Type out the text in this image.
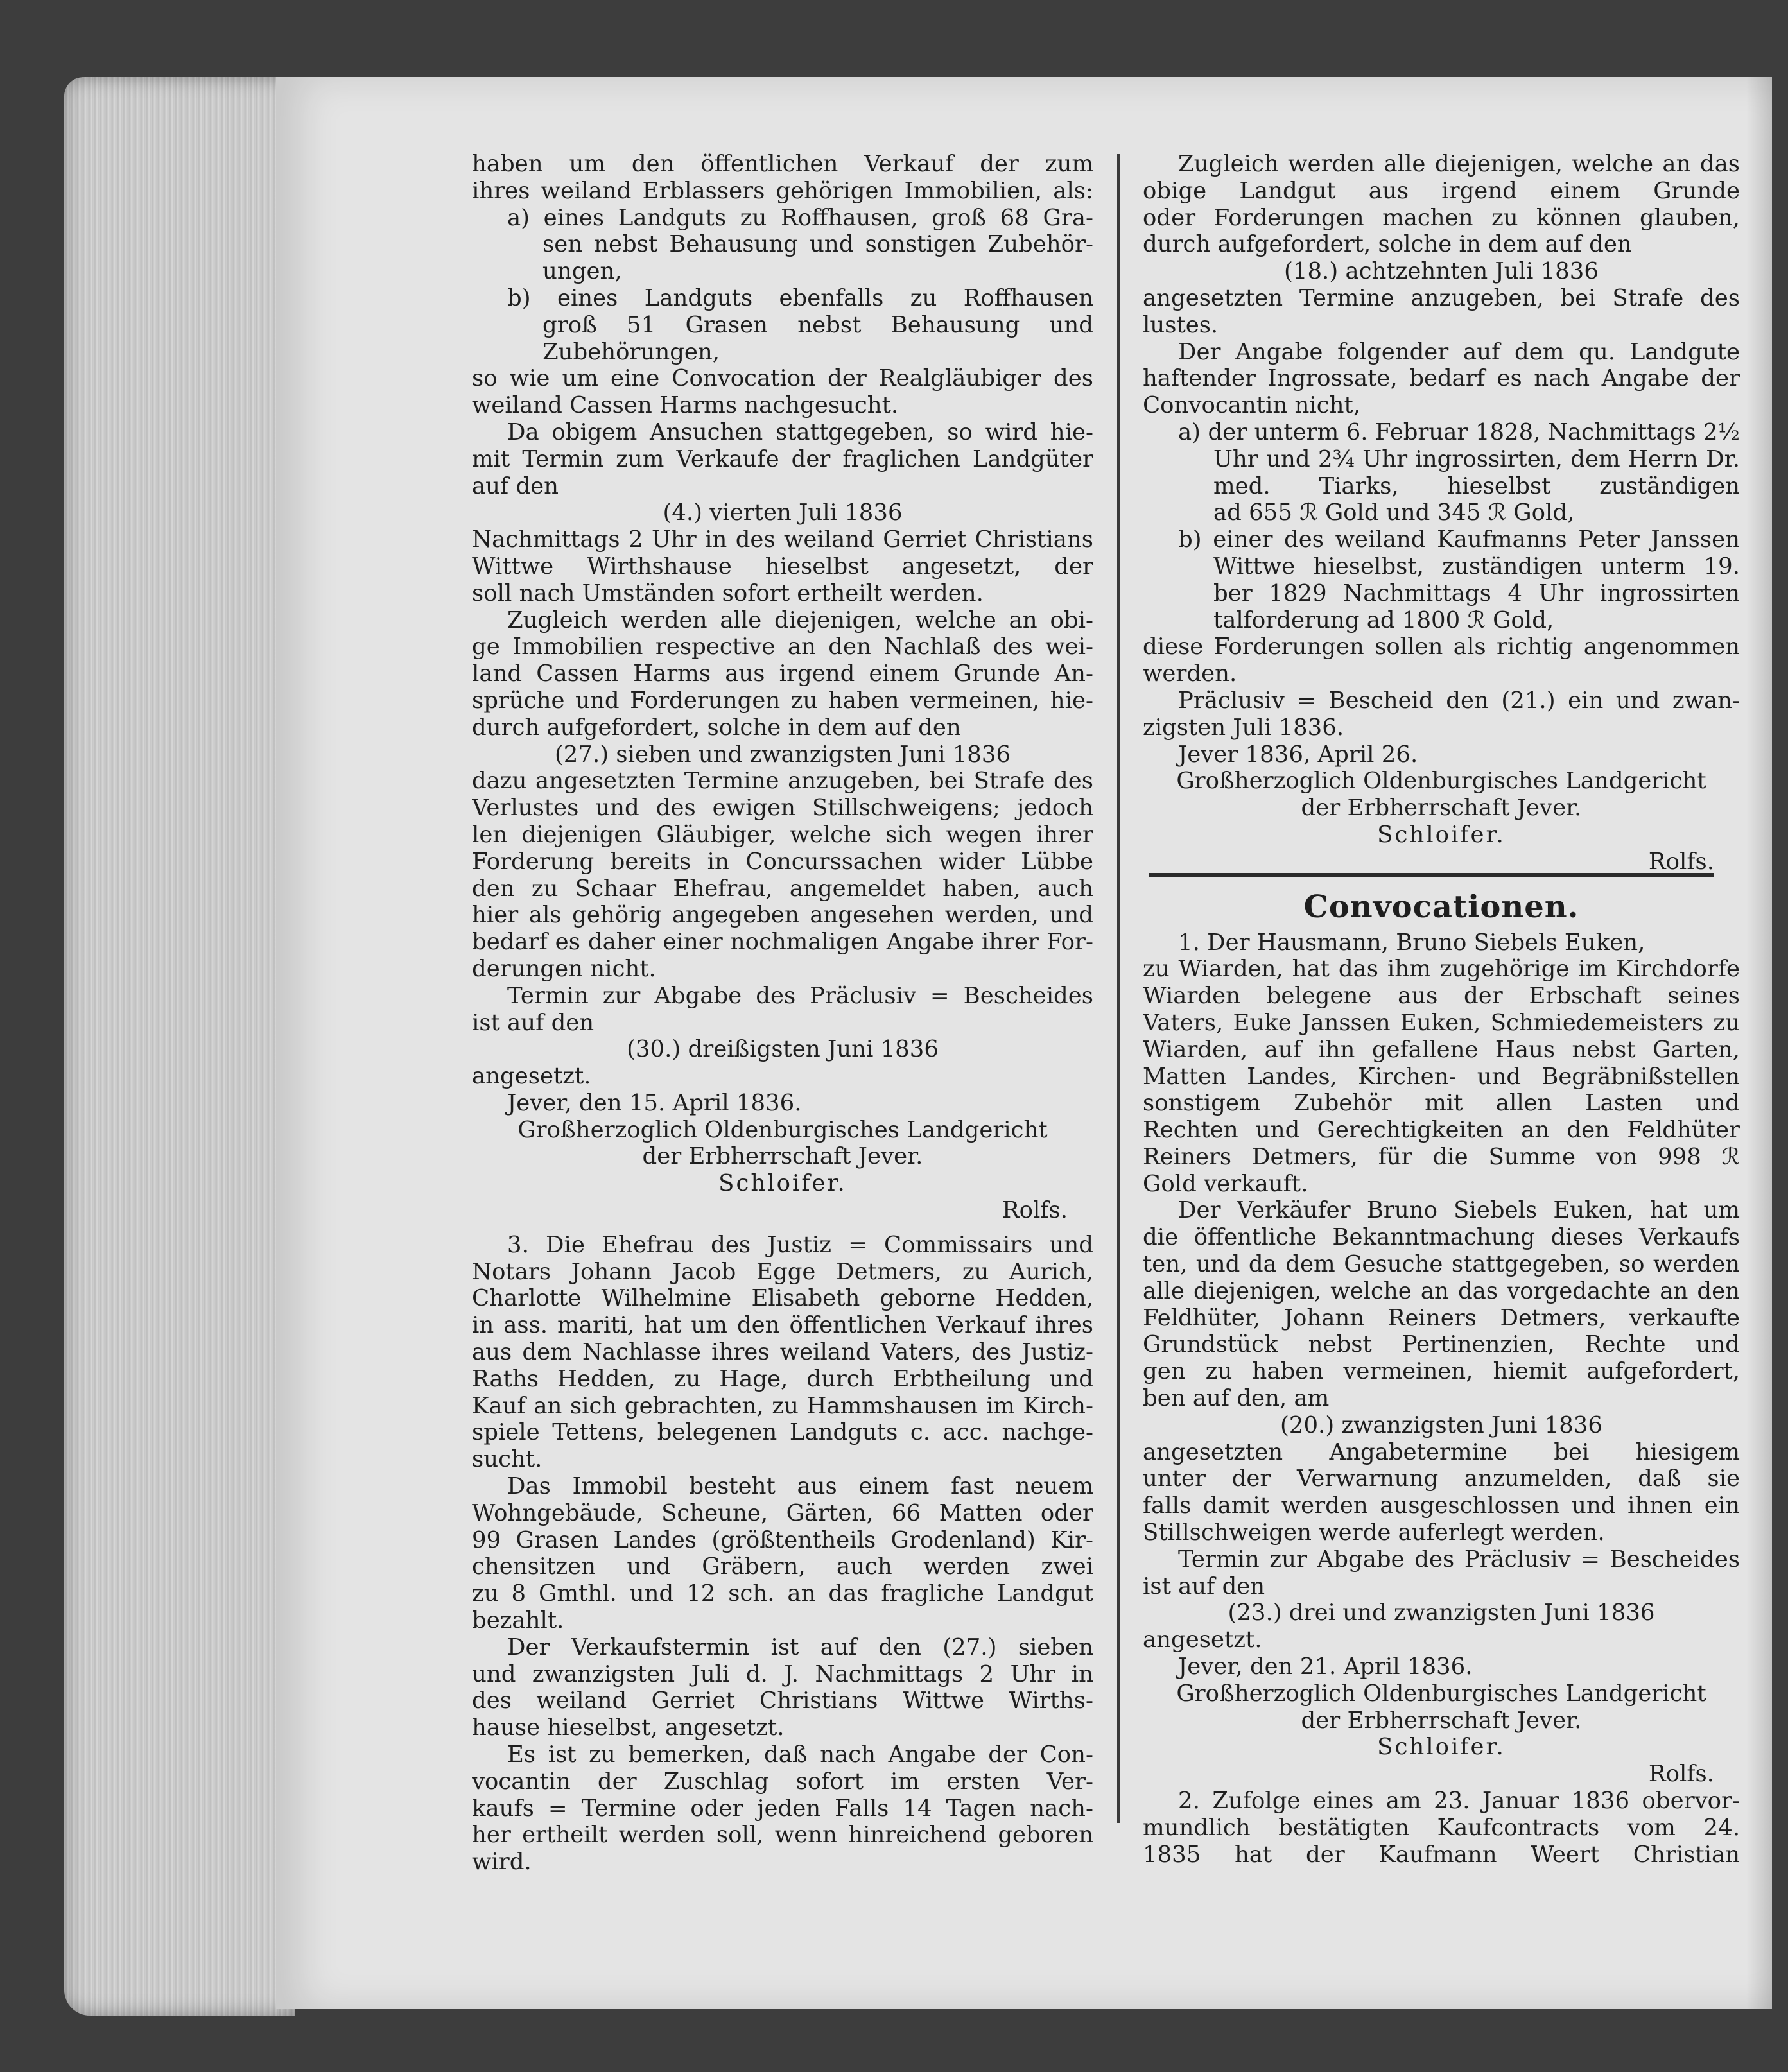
haben um den öffentlichen Verkauf der zum
ihres weiland Erblassers gehörigen Immobilien, als:
a) eines Landguts zu Roffhausen, groß 68 Gra-
sen nebst Behausung und sonstigen Zubehör-
ungen,
b) eines Landguts ebenfalls zu Roffhausen
groß 51 Grasen nebst Behausung und
Zubehörungen,
so wie um eine Convocation der Realgläubiger des
weiland Cassen Harms nachgesucht.
Da obigem Ansuchen stattgegeben, so wird hie-
mit Termin zum Verkaufe der fraglichen Landgüter
auf den
(4.) vierten Juli 1836
Nachmittags 2 Uhr in des weiland Gerriet Christians
Wittwe Wirthshause hieselbst angesetzt, der
soll nach Umständen sofort ertheilt werden.
Zugleich werden alle diejenigen, welche an obi-
ge Immobilien respective an den Nachlaß des wei-
land Cassen Harms aus irgend einem Grunde An-
sprüche und Forderungen zu haben vermeinen, hie-
durch aufgefordert, solche in dem auf den
(27.) sieben und zwanzigsten Juni 1836
dazu angesetzten Termine anzugeben, bei Strafe des
Verlustes und des ewigen Stillschweigens; jedoch
len diejenigen Gläubiger, welche sich wegen ihrer
Forderung bereits in Concurssachen wider Lübbe
den zu Schaar Ehefrau, angemeldet haben, auch
hier als gehörig angegeben angesehen werden, und
bedarf es daher einer nochmaligen Angabe ihrer For-
derungen nicht.
Termin zur Abgabe des Präclusiv = Bescheides
ist auf den
(30.) dreißigsten Juni 1836
angesetzt.
Jever, den 15. April 1836.
Großherzoglich Oldenburgisches Landgericht
der Erbherrschaft Jever.
Schloifer.
Rolfs.
3. Die Ehefrau des Justiz = Commissairs und
Notars Johann Jacob Egge Detmers, zu Aurich,
Charlotte Wilhelmine Elisabeth geborne Hedden,
in ass. mariti, hat um den öffentlichen Verkauf ihres
aus dem Nachlasse ihres weiland Vaters, des Justiz-
Raths Hedden, zu Hage, durch Erbtheilung und
Kauf an sich gebrachten, zu Hammshausen im Kirch-
spiele Tettens, belegenen Landguts c. acc. nachge-
sucht.
Das Immobil besteht aus einem fast neuem
Wohngebäude, Scheune, Gärten, 66 Matten oder
99 Grasen Landes (größtentheils Grodenland) Kir-
chensitzen und Gräbern, auch werden zwei
zu 8 Gmthl. und 12 sch. an das fragliche Landgut
bezahlt.
Der Verkaufstermin ist auf den (27.) sieben
und zwanzigsten Juli d. J. Nachmittags 2 Uhr in
des weiland Gerriet Christians Wittwe Wirths-
hause hieselbst, angesetzt.
Es ist zu bemerken, daß nach Angabe der Con-
vocantin der Zuschlag sofort im ersten Ver-
kaufs = Termine oder jeden Falls 14 Tagen nach-
her ertheilt werden soll, wenn hinreichend geboren
wird.
Zugleich werden alle diejenigen, welche an das
obige Landgut aus irgend einem Grunde
oder Forderungen machen zu können glauben,
durch aufgefordert, solche in dem auf den
(18.) achtzehnten Juli 1836
angesetzten Termine anzugeben, bei Strafe des
lustes.
Der Angabe folgender auf dem qu. Landgute
haftender Ingrossate, bedarf es nach Angabe der
Convocantin nicht,
a) der unterm 6. Februar 1828, Nachmittags 2½
Uhr und 2¾ Uhr ingrossirten, dem Herrn Dr.
med. Tiarks, hieselbst zuständigen
ad 655 ℛ Gold und 345 ℛ Gold,
b) einer des weiland Kaufmanns Peter Janssen
Wittwe hieselbst, zuständigen unterm 19.
ber 1829 Nachmittags 4 Uhr ingrossirten
talforderung ad 1800 ℛ Gold,
diese Forderungen sollen als richtig angenommen
werden.
Präclusiv = Bescheid den (21.) ein und zwan-
zigsten Juli 1836.
Jever 1836, April 26.
Großherzoglich Oldenburgisches Landgericht
der Erbherrschaft Jever.
Schloifer.
Rolfs.
Convocationen.
1. Der Hausmann, Bruno Siebels Euken,
zu Wiarden, hat das ihm zugehörige im Kirchdorfe
Wiarden belegene aus der Erbschaft seines
Vaters, Euke Janssen Euken, Schmiedemeisters zu
Wiarden, auf ihn gefallene Haus nebst Garten,
Matten Landes, Kirchen- und Begräbnißstellen
sonstigem Zubehör mit allen Lasten und
Rechten und Gerechtigkeiten an den Feldhüter
Reiners Detmers, für die Summe von 998 ℛ
Gold verkauft.
Der Verkäufer Bruno Siebels Euken, hat um
die öffentliche Bekanntmachung dieses Verkaufs
ten, und da dem Gesuche stattgegeben, so werden
alle diejenigen, welche an das vorgedachte an den
Feldhüter, Johann Reiners Detmers, verkaufte
Grundstück nebst Pertinenzien, Rechte und
gen zu haben vermeinen, hiemit aufgefordert,
ben auf den, am
(20.) zwanzigsten Juni 1836
angesetzten Angabetermine bei hiesigem
unter der Verwarnung anzumelden, daß sie
falls damit werden ausgeschlossen und ihnen ein
Stillschweigen werde auferlegt werden.
Termin zur Abgabe des Präclusiv = Bescheides
ist auf den
(23.) drei und zwanzigsten Juni 1836
angesetzt.
Jever, den 21. April 1836.
Großherzoglich Oldenburgisches Landgericht
der Erbherrschaft Jever.
Schloifer.
Rolfs.
2. Zufolge eines am 23. Januar 1836 obervor-
mundlich bestätigten Kaufcontracts vom 24.
1835 hat der Kaufmann Weert Christian
